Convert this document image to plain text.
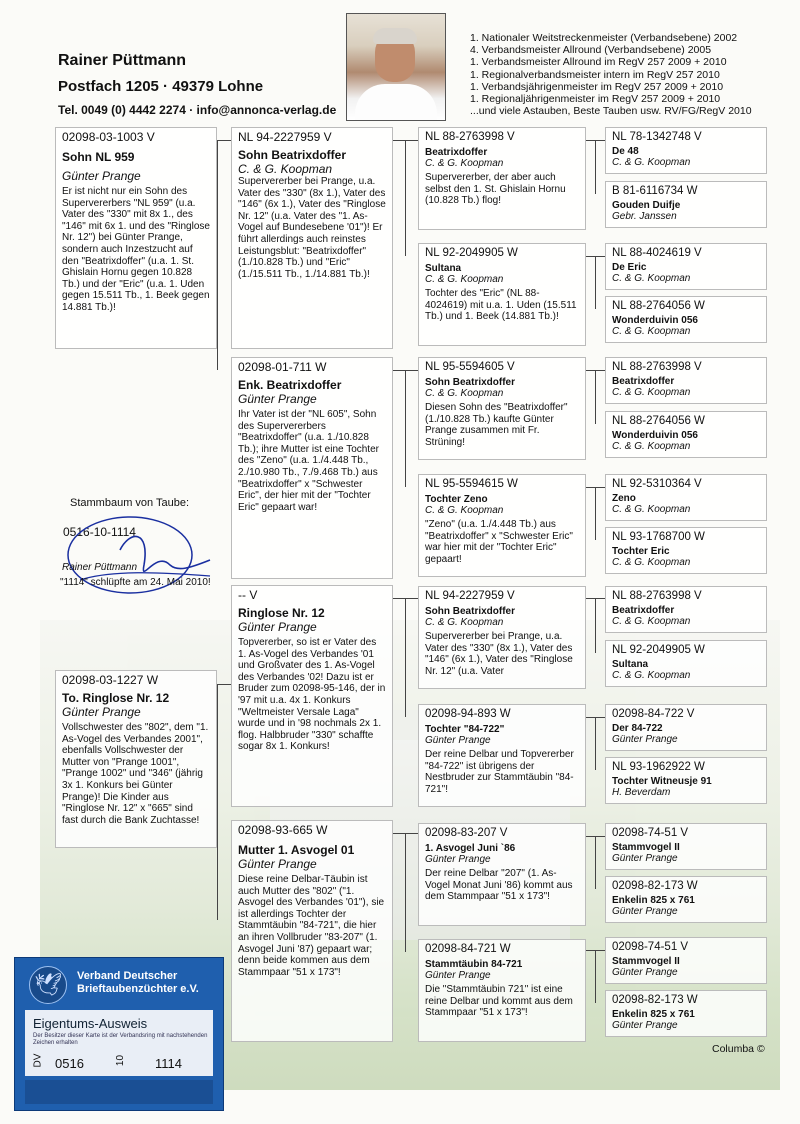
Rainer Püttmann
Postfach 1205 · 49379 Lohne
Tel. 0049 (0) 4442 2274 · info@annonca-verlag.de
1. Nationaler Weitstreckenmeister (Verbandsebene) 2002
4. Verbandsmeister Allround (Verbandsebene) 2005
1. Verbandsmeister Allround im RegV 257 2009 + 2010
1. Regionalverbandsmeister intern im RegV 257 2010
1. Verbandsjährigenmeister im RegV 257 2009 + 2010
1. Regionaljährigenmeister im RegV 257 2009 + 2010
...und viele Astauben, Beste Tauben usw. RV/FG/RegV 2010
02098-03-1003 V
Sohn NL 959
Günter Prange
Er ist nicht nur ein Sohn des Supervererbers "NL 959" (u.a. Vater des "330" mit 8x 1., des "146" mit 6x 1. und des "Ringlose Nr. 12") bei Günter Prange, sondern auch Inzestzucht auf den "Beatrixdoffer" (u.a. 1. St. Ghislain Hornu gegen 10.828 Tb.) und der "Eric" (u.a. 1. Uden gegen 15.511 Tb., 1. Beek gegen 14.881 Tb.)!
Stammbaum von Taube:
0516-10-1114
Rainer Püttmann
"1114" schlüpfte am 24. Mai 2010!
02098-03-1227 W
To. Ringlose Nr. 12
Günter Prange
Vollschwester des "802", dem "1. As-Vogel des Verbandes 2001", ebenfalls Vollschwester der Mutter von "Prange 1001", "Prange 1002" und "346" (jährig 3x 1. Konkurs bei Günter Prange)! Die Kinder aus "Ringlose Nr. 12" x "665" sind fast durch die Bank Zuchtasse!
🕊	Verband Deutscher
Brieftaubenzüchter e.V.
Eigentums-Ausweis
Der Besitzer dieser Karte ist der Verbandsring mit nachstehenden Zeichen erhalten
DV 0516	10 1114
NL 94-2227959 V
Sohn Beatrixdoffer
C. & G. Koopman
Supervererber bei Prange, u.a. Vater des "330" (8x 1.), Vater des "146" (6x 1.), Vater des "Ringlose Nr. 12" (u.a. Vater des "1. As-Vogel auf Bundesebene '01")! Er führt allerdings auch reinstes Leistungsblut: "Beatrixdoffer" (1./10.828 Tb.) und "Eric" (1./15.511 Tb., 1./14.881 Tb.)!
02098-01-711 W
Enk. Beatrixdoffer
Günter Prange
Ihr Vater ist der "NL 605", Sohn des Supervererbers "Beatrixdoffer" (u.a. 1./10.828 Tb.); ihre Mutter ist eine Tochter des "Zeno" (u.a. 1./4.448 Tb., 2./10.980 Tb., 7./9.468 Tb.) aus "Beatrixdoffer" x "Schwester Eric", der hier mit der "Tochter Eric" gepaart war!
-- V
Ringlose Nr. 12
Günter Prange
Topvererber, so ist er Vater des 1. As-Vogel des Verbandes '01 und Großvater des 1. As-Vogel des Verbandes '02! Dazu ist er Bruder zum 02098-95-146, der in '97 mit u.a. 4x 1. Konkurs "Weltmeister Versale Laga" wurde und in '98 nochmals 2x 1. flog. Halbbruder "330" schaffte sogar 8x 1. Konkurs!
02098-93-665 W
Mutter 1. Asvogel 01
Günter Prange
Diese reine Delbar-Täubin ist auch Mutter des "802" ("1. Asvogel des Verbandes '01"), sie ist allerdings Tochter der Stammtäubin "84-721", die hier an ihren Vollbruder "83-207" (1. Asvogel Juni '87) gepaart war; denn beide kommen aus dem Stammpaar "51 x 173"!
NL 88-2763998 V
Beatrixdoffer
C. & G. Koopman
Supervererber, der aber auch selbst den 1. St. Ghislain Hornu (10.828 Tb.) flog!
NL 92-2049905 W
Sultana
C. & G. Koopman
Tochter des "Eric" (NL 88-4024619) mit u.a. 1. Uden (15.511 Tb.) und 1. Beek (14.881 Tb.)!
NL 95-5594605 V
Sohn Beatrixdoffer
C. & G. Koopman
Diesen Sohn des "Beatrixdoffer" (1./10.828 Tb.) kaufte Günter Prange zusammen mit Fr. Strüning!
NL 95-5594615 W
Tochter Zeno
C. & G. Koopman
"Zeno" (u.a. 1./4.448 Tb.) aus "Beatrixdoffer" x "Schwester Eric" war hier mit der "Tochter Eric" gepaart!
NL 94-2227959 V
Sohn Beatrixdoffer
C. & G. Koopman
Supervererber bei Prange, u.a. Vater des "330" (8x 1.), Vater des "146" (6x 1.), Vater des "Ringlose Nr. 12" (u.a. Vater
02098-94-893 W
Tochter "84-722"
Günter Prange
Der reine Delbar und Topvererber "84-722" ist übrigens der Nestbruder zur Stammtäubin "84-721"!
02098-83-207 V
1. Asvogel Juni `86
Günter Prange
Der reine Delbar "207" (1. As-Vogel Monat Juni '86) kommt aus dem Stammpaar "51 x 173"!
02098-84-721 W
Stammtäubin 84-721
Günter Prange
Die "Stammtäubin 721" ist eine reine Delbar und kommt aus dem Stammpaar "51 x 173"!
NL 78-1342748 V
De 48
C. & G. Koopman
B 81-6116734 W
Gouden Duifje
Gebr. Janssen
NL 88-4024619 V
De Eric
C. & G. Koopman
NL 88-2764056 W
Wonderduivin 056
C. & G. Koopman
NL 88-2763998 V
Beatrixdoffer
C. & G. Koopman
NL 88-2764056 W
Wonderduivin 056
C. & G. Koopman
NL 92-5310364 V
Zeno
C. & G. Koopman
NL 93-1768700 W
Tochter Eric
C. & G. Koopman
NL 88-2763998 V
Beatrixdoffer
C. & G. Koopman
NL 92-2049905 W
Sultana
C. & G. Koopman
02098-84-722 V
Der 84-722
Günter Prange
NL 93-1962922 W
Tochter Witneusje 91
H. Beverdam
02098-74-51 V
Stammvogel II
Günter Prange
02098-82-173 W
Enkelin 825 x 761
Günter Prange
02098-74-51 V
Stammvogel II
Günter Prange
02098-82-173 W
Enkelin 825 x 761
Günter Prange
Columba ©
